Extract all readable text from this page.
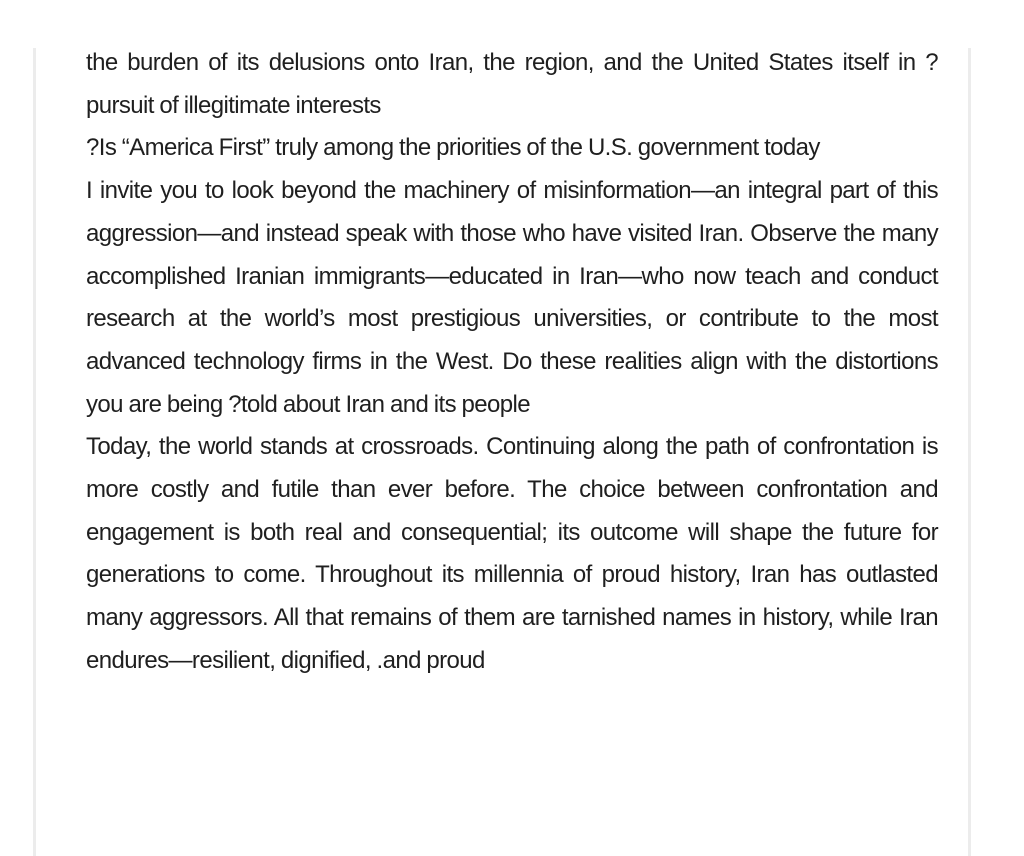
the burden of its delusions onto Iran, the region, and the United States itself in ?pursuit of illegitimate interests

?Is “America First” truly among the priorities of the U.S. government today

I invite you to look beyond the machinery of misinformation—an integral part of this aggression—and instead speak with those who have visited Iran. Observe the many accomplished Iranian immigrants—educated in Iran—who now teach and conduct research at the world’s most prestigious universities, or contribute to the most advanced technology firms in the West. Do these realities align with the distortions you are being ?told about Iran and its people

Today, the world stands at crossroads. Continuing along the path of confrontation is more costly and futile than ever before. The choice between confrontation and engagement is both real and consequential; its outcome will shape the future for generations to come. Throughout its millennia of proud history, Iran has outlasted many aggressors. All that remains of them are tarnished names in history, while Iran endures—resilient, dignified, .and proud
